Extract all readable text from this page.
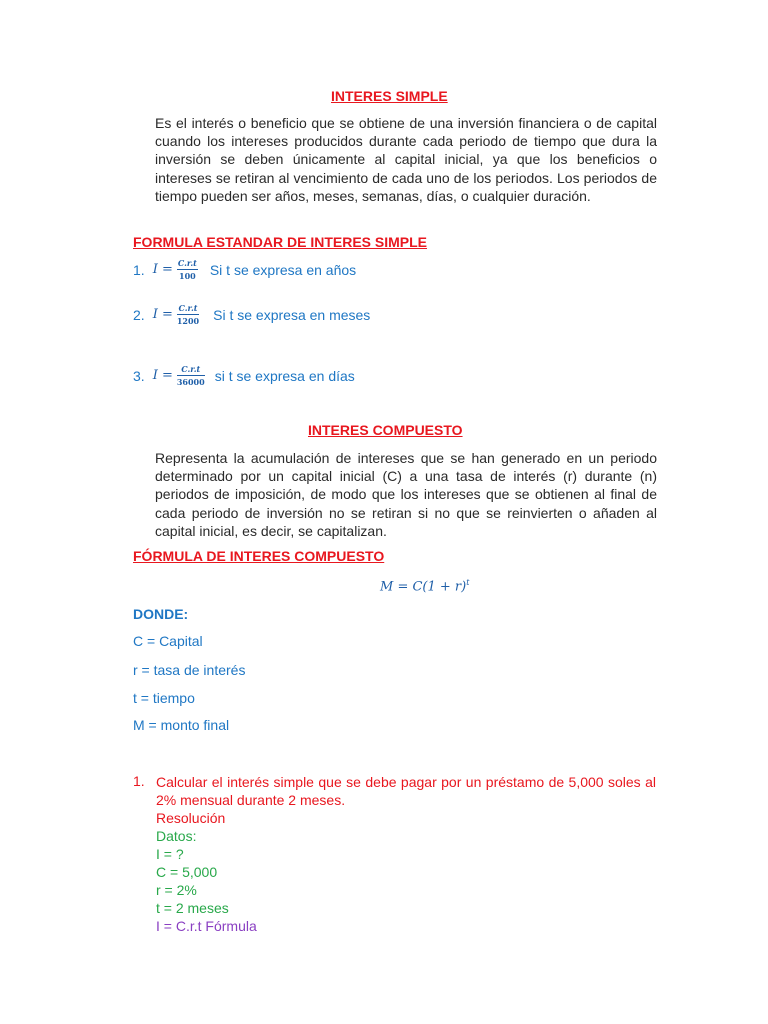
INTERES SIMPLE
Es el interés o beneficio que se obtiene de una inversión financiera o de capital cuando los intereses producidos durante cada periodo de tiempo que dura la inversión se deben únicamente al capital inicial, ya que los beneficios o intereses se retiran al vencimiento de cada uno de los periodos. Los periodos de tiempo pueden ser años, meses, semanas, días, o cualquier duración.
FORMULA ESTANDAR DE INTERES SIMPLE
1. $I = \frac{C.r.t}{100}$ Si t se expresa en años
2. $I = \frac{C.r.t}{1200}$ Si t se expresa en meses
3. $I = \frac{C.r.t}{36000}$ si t se expresa en días
INTERES COMPUESTO
Representa la acumulación de intereses que se han generado en un periodo determinado por un capital inicial (C) a una tasa de interés (r) durante (n) periodos de imposición, de modo que los intereses que se obtienen al final de cada periodo de inversión no se retiran si no que se reinvierten o añaden al capital inicial, es decir, se capitalizan.
FÓRMULA DE INTERES COMPUESTO
$M = C(1 + r)^t$
DONDE:
C = Capital
r = tasa de interés
t = tiempo
M = monto final
1. Calcular el interés simple que se debe pagar por un préstamo de 5,000 soles al 2% mensual durante 2 meses.
Resolución
Datos:
I = ?
C = 5,000
r = 2%
t = 2 meses
I = C.r.t Fórmula
